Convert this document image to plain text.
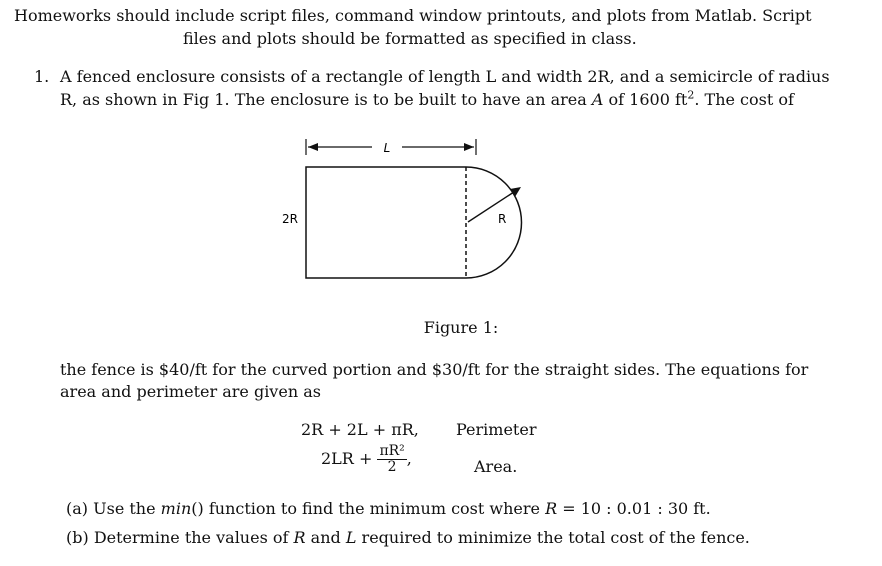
Homeworks should include script files, command window printouts, and plots from Matlab. Script
files and plots should be formatted as specified in class.
1. A fenced enclosure consists of a rectangle of length L and width 2R, and a semicircle of radius
R, as shown in Fig 1. The enclosure is to be built to have an area A of 1600 $ft^2$. The cost of
L
2R	R
Figure 1:
the fence is $40/ft for the curved portion and $30/ft for the straight sides. The equations for
area and perimeter are given as
2R + 2L + πR, Perimeter
$2LR + \frac{\text{πR²}}{2}$ ,	Area.
(a) Use the min() function to find the minimum cost where R = 10 : 0.01 : 30 ft.
(b) Determine the values of R and L required to minimize the total cost of the fence.
